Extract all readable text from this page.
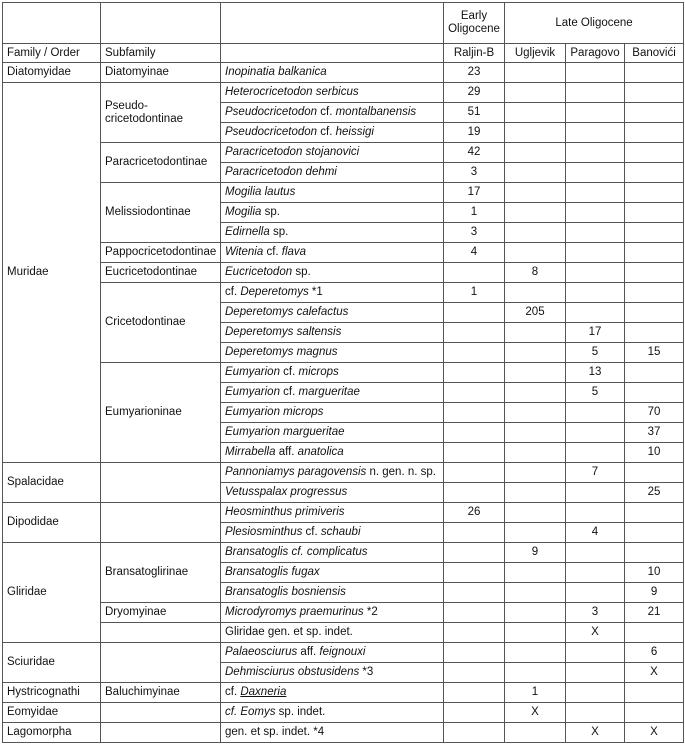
			Early Oligocene	Late Oligocene		
Family / Order	Subfamily		Raljin-B	Ugljevik	Paragovo	Banovići
Diatomyidae	Diatomyinae	Inopinatia balkanica	23			
Muridae	Pseudo- cricetodontinae	Heterocricetodon serbicus	29			
		Pseudocricetodon cf. montalbanensis	51			
		Pseudocricetodon cf. heissigi	19			
	Paracricetodontinae	Paracricetodon stojanovici	42			
		Paracricetodon dehmi	3			
	Melissiodontinae	Mogilia lautus	17			
		Mogilia sp.	1			
		Edirnella sp.	3			
	Pappocricetodontinae	Witenia cf. flava	4			
	Eucricetodontinae	Eucricetodon sp.		8		
	Cricetodontinae	cf. Deperetomys *1	1			
		Deperetomys calefactus		205		
		Deperetomys saltensis			17	
		Deperetomys magnus			5	15
	Eumyarioninae	Eumyarion cf. microps			13	
		Eumyarion cf. margueritae			5	
		Eumyarion microps				70
		Eumyarion margueritae				37
		Mirrabella aff. anatolica				10
Spalacidae		Pannoniamys paragovensis n. gen. n. sp.			7	
		Vetusspalax progressus				25
Dipodidae		Heosminthus primiveris	26			
		Plesiosminthus cf. schaubi			4	
Gliridae	Bransatoglirinae	Bransatoglis cf. complicatus		9		
		Bransatoglis fugax				10
		Bransatoglis bosniensis				9
	Dryomyinae	Microdyromys praemurinus *2			3	21
		Gliridae gen. et sp. indet.			X	
Sciuridae		Palaeosciurus aff. feignouxi				6
		Dehmisciurus obstusidens *3				X
Hystricognathi	Baluchimyinae	cf. Daxneria		1		
Eomyidae		cf. Eomys sp. indet.		X		
Lagomorpha		gen. et sp. indet. *4			X	X
